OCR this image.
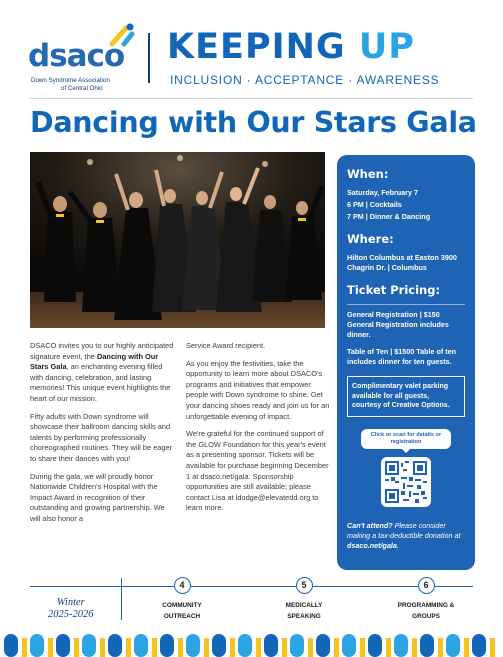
dsaco
Down Syndrome Association
of Central Ohio
KEEPING UP
INCLUSION · ACCEPTANCE · AWARENESS
Dancing with Our Stars Gala

DSACO invites you to our highly anticipated signature event, the Dancing with Our Stars Gala, an enchanting evening filled with dancing, celebration, and lasting memories! This unique event highlights the heart of our mission.

Fifty adults with Down syndrome will showcase their ballroom dancing skills and talents by performing professionally choreographed routines. They will be eager to share their dances with you!

During the gala, we will proudly honor Nationwide Children's Hospital with the Impact Award in recognition of their outstanding and growing partnership. We will also honor a

Service Award recipient.

As you enjoy the festivities, take the opportunity to learn more about DSACO's programs and initiatives that empower people with Down syndrome to shine. Get your dancing shoes ready and join us for an unforgettable evening of impact.

We're grateful for the continued support of the GLOW Foundation for this year's event as a presenting sponsor. Tickets will be available for purchase beginning December 1 at dsaco.net/gala. Sponsorship opportunities are still available; please contact Lisa at ldodge@elevatedd.org to learn more.

When:
Saturday, February 7
6 PM | Cocktails
7 PM | Dinner & Dancing
Where:
Hilton Columbus at Easton 3900 Chagrin Dr. | Columbus
Ticket Pricing:
General Registration | $150 General Registration includes dinner.
Table of Ten | $1500 Table of ten includes dinner for ten guests.
Complimentary valet parking available for all guests, courtesy of Creative Options.
Click or scan for details or registration
Can't attend? Please consider making a tax-deductible donation at dsaco.net/gala.
Winter
2025-2026
4
COMMUNITY
OUTREACH
5
MEDICALLY
SPEAKING
6
PROGRAMMING &
GROUPS
